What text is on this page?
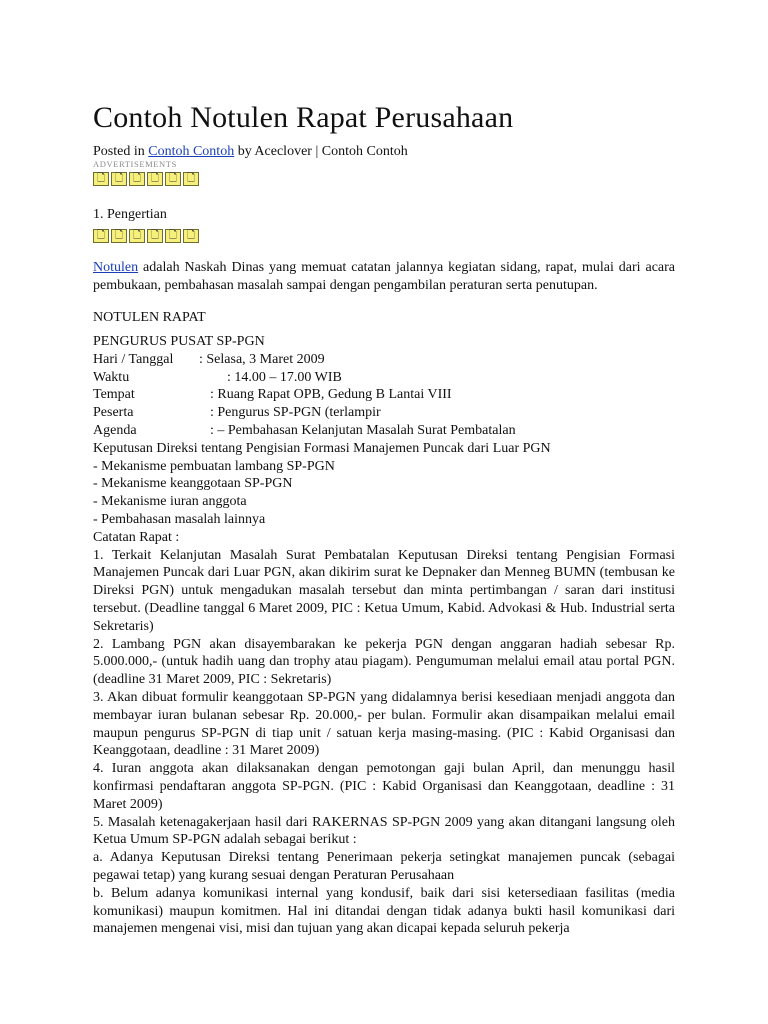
Contoh Notulen Rapat Perusahaan
Posted in Contoh Contoh by Aceclover | Contoh Contoh
ADVERTISEMENTS
🗋 🗋 🗋 🗋 🗋 🗋

1. Pengertian

🗋 🗋 🗋 🗋 🗋 🗋

Notulen adalah Naskah Dinas yang memuat catatan jalannya kegiatan sidang, rapat, mulai dari acara pembukaan, pembahasan masalah sampai dengan pengambilan peraturan serta penutupan.

NOTULEN RAPAT

PENGURUS PUSAT SP-PGN

Hari / Tanggal	: Selasa, 3 Maret 2009
Waktu	: 14.00 – 17.00 WIB
Tempat	: Ruang Rapat OPB, Gedung B Lantai VIII
Peserta	: Pengurus SP-PGN (terlampir
Agenda	: – Pembahasan Kelanjutan Masalah Surat Pembatalan

Keputusan Direksi tentang Pengisian Formasi Manajemen Puncak dari Luar PGN

- Mekanisme pembuatan lambang SP-PGN

- Mekanisme keanggotaan SP-PGN

- Mekanisme iuran anggota

- Pembahasan masalah lainnya

Catatan Rapat :

1. Terkait Kelanjutan Masalah Surat Pembatalan Keputusan Direksi tentang Pengisian Formasi Manajemen Puncak dari Luar PGN, akan dikirim surat ke Depnaker dan Menneg BUMN (tembusan ke Direksi PGN) untuk mengadukan masalah tersebut dan minta pertimbangan / saran dari institusi tersebut. (Deadline tanggal 6 Maret 2009, PIC : Ketua Umum, Kabid. Advokasi & Hub. Industrial serta Sekretaris)

2. Lambang PGN akan disayembarakan ke pekerja PGN dengan anggaran hadiah sebesar Rp. 5.000.000,- (untuk hadih uang dan trophy atau piagam). Pengumuman melalui email atau portal PGN. (deadline 31 Maret 2009, PIC : Sekretaris)

3. Akan dibuat formulir keanggotaan SP-PGN yang didalamnya berisi kesediaan menjadi anggota dan membayar iuran bulanan sebesar Rp. 20.000,- per bulan. Formulir akan disampaikan melalui email maupun pengurus SP-PGN di tiap unit / satuan kerja masing-masing. (PIC : Kabid Organisasi dan Keanggotaan, deadline : 31 Maret 2009)

4. Iuran anggota akan dilaksanakan dengan pemotongan gaji bulan April, dan menunggu hasil konfirmasi pendaftaran anggota SP-PGN. (PIC : Kabid Organisasi dan Keanggotaan, deadline : 31 Maret 2009)

5. Masalah ketenagakerjaan hasil dari RAKERNAS SP-PGN 2009 yang akan ditangani langsung oleh Ketua Umum SP-PGN adalah sebagai berikut :

a. Adanya Keputusan Direksi tentang Penerimaan pekerja setingkat manajemen puncak (sebagai pegawai tetap) yang kurang sesuai dengan Peraturan Perusahaan

b. Belum adanya komunikasi internal yang kondusif, baik dari sisi ketersediaan fasilitas (media komunikasi) maupun komitmen. Hal ini ditandai dengan tidak adanya bukti hasil komunikasi dari manajemen mengenai visi, misi dan tujuan yang akan dicapai kepada seluruh pekerja
